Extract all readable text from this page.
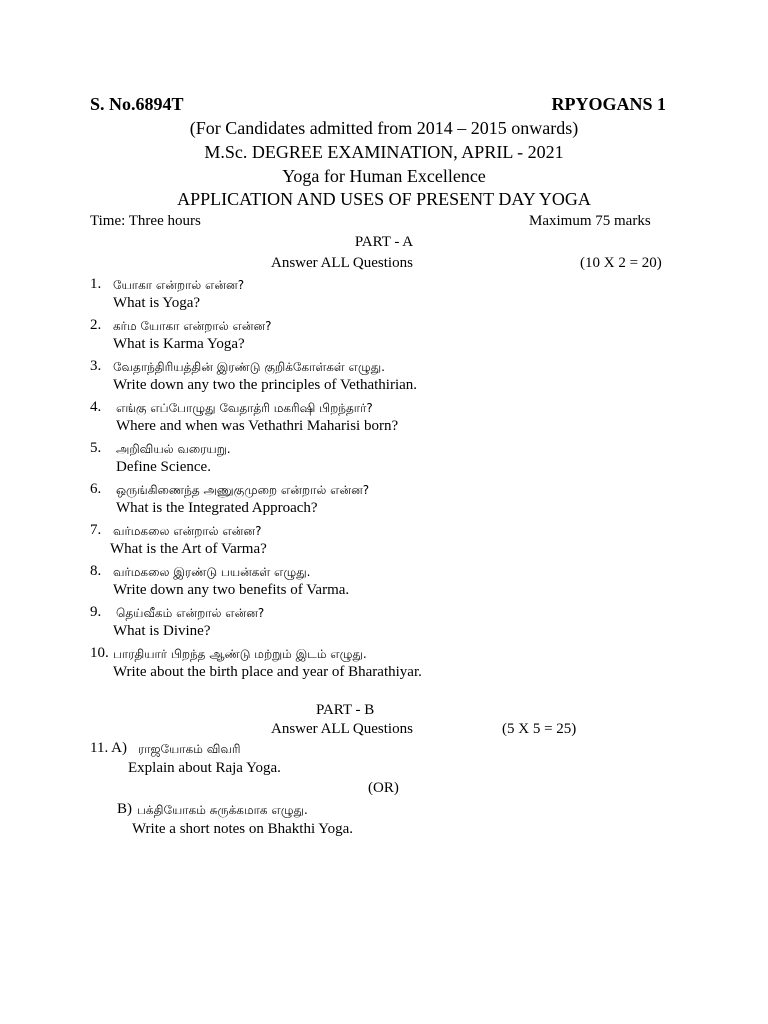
S. No.6894T	RPYOGANS 1
(For Candidates admitted from 2014 – 2015 onwards)
M.Sc. DEGREE EXAMINATION, APRIL - 2021
Yoga for Human Excellence
APPLICATION AND USES OF PRESENT DAY YOGA
Time: Three hours	Maximum 75 marks
PART - A
Answer ALL Questions	(10 X 2 = 20)
1. யோகா என்றால் என்ன?
What is Yoga?
2. கர்ம யோகா என்றால் என்ன?
What is Karma Yoga?
3. வேதாந்திரியத்தின் இரண்டு குறிக்கோள்கள் எழுது.
Write down any two the principles of Vethathirian.
4. எங்கு எப்போழுது வேதாத்ரி மகரிஷி பிறந்தார்?
Where and when was Vethathri Maharisi born?
5. அறிவியல் வரையறு.
Define Science.
6. ஒருங்கிணைந்த அணுகுமுறை என்றால் என்ன?
What is the Integrated Approach?
7. வர்மகலை என்றால் என்ன?
What is the Art of Varma?
8. வர்மகலை இரண்டு பயன்கள் எழுது.
Write down any two benefits of Varma.
9. தெய்வீகம் என்றால் என்ன?
What is Divine?
10. பாரதியார் பிறந்த ஆண்டு மற்றும் இடம் எழுது.
Write about the birth place and year of Bharathiyar.
PART - B
Answer ALL Questions	(5 X 5 = 25)
11. A) ராஜயோகம் விவரி
Explain about Raja Yoga.
(OR)
B) பக்தியோகம் சுருக்கமாக எழுது.
Write a short notes on Bhakthi Yoga.
